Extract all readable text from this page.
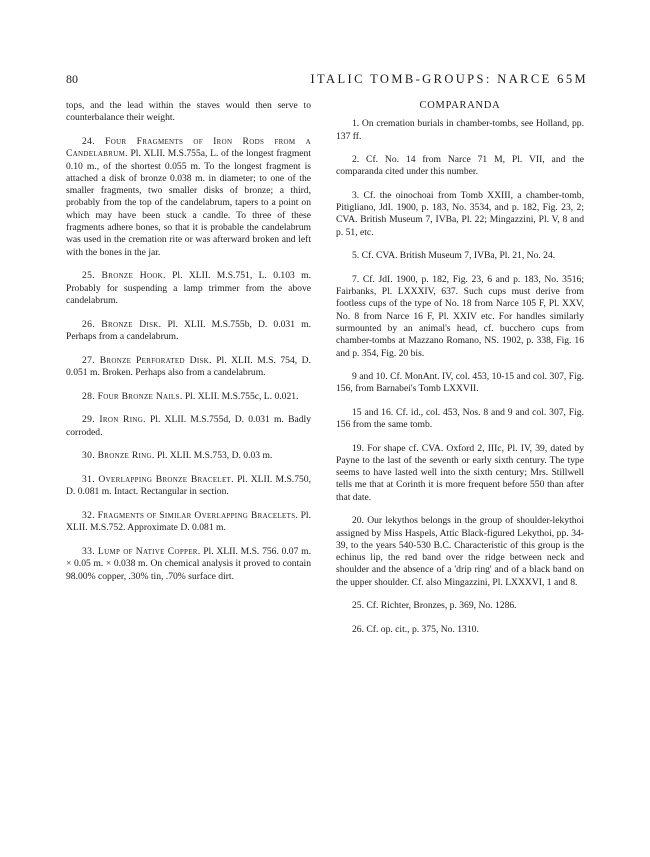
80	ITALIC TOMB-GROUPS: NARCE 65M

tops, and the lead within the staves would then serve to counterbalance their weight.

24. Four Fragments of Iron Rods from a Candelabrum. Pl. XLII. M.S.755a, L. of the longest fragment 0.10 m., of the shortest 0.055 m. To the longest fragment is attached a disk of bronze 0.038 m. in diameter; to one of the smaller fragments, two smaller disks of bronze; a third, probably from the top of the candelabrum, tapers to a point on which may have been stuck a candle. To three of these fragments adhere bones, so that it is probable the candelabrum was used in the cremation rite or was afterward broken and left with the bones in the jar.

25. Bronze Hook. Pl. XLII. M.S.751, L. 0.103 m. Probably for suspending a lamp trimmer from the above candelabrum.

26. Bronze Disk. Pl. XLII. M.S.755b, D. 0.031 m. Perhaps from a candelabrum.

27. Bronze Perforated Disk. Pl. XLII. M.S. 754, D. 0.051 m. Broken. Perhaps also from a candelabrum.

28. Four Bronze Nails. Pl. XLII. M.S.755c, L. 0.021.

29. Iron Ring. Pl. XLII. M.S.755d, D. 0.031 m. Badly corroded.

30. Bronze Ring. Pl. XLII. M.S.753, D. 0.03 m.

31. Overlapping Bronze Bracelet. Pl. XLII. M.S.750, D. 0.081 m. Intact. Rectangular in section.

32. Fragments of Similar Overlapping Bracelets. Pl. XLII. M.S.752. Approximate D. 0.081 m.

33. Lump of Native Copper. Pl. XLII. M.S. 756. 0.07 m. × 0.05 m. × 0.038 m. On chemical analysis it proved to contain 98.00% copper, .30% tin, .70% surface dirt.

COMPARANDA

1. On cremation burials in chamber-tombs, see Holland, pp. 137 ff.

2. Cf. No. 14 from Narce 71 M, Pl. VII, and the comparanda cited under this number.

3. Cf. the oinochoai from Tomb XXIII, a chamber-tomb, Pitigliano, JdI. 1900, p. 183, No. 3534, and p. 182, Fig. 23, 2; CVA. British Museum 7, IVBa, Pl. 22; Mingazzini, Pl. V, 8 and p. 51, etc.

5. Cf. CVA. British Museum 7, IVBa, Pl. 21, No. 24.

7. Cf. JdI. 1900, p. 182, Fig. 23, 6 and p. 183, No. 3516; Fairbanks, Pl. LXXXIV, 637. Such cups must derive from footless cups of the type of No. 18 from Narce 105 F, Pl. XXV, No. 8 from Narce 16 F, Pl. XXIV etc. For handles similarly surmounted by an animal's head, cf. bucchero cups from chamber-tombs at Mazzano Romano, NS. 1902, p. 338, Fig. 16 and p. 354, Fig. 20 bis.

9 and 10. Cf. MonAnt. IV, col. 453, 10-15 and col. 307, Fig. 156, from Barnabei's Tomb LXXVII.

15 and 16. Cf. id., col. 453, Nos. 8 and 9 and col. 307, Fig. 156 from the same tomb.

19. For shape cf. CVA. Oxford 2, IIIc, Pl. IV, 39, dated by Payne to the last of the seventh or early sixth century. The type seems to have lasted well into the sixth century; Mrs. Stillwell tells me that at Corinth it is more frequent before 550 than after that date.

20. Our lekythos belongs in the group of shoulder-lekythoi assigned by Miss Haspels, Attic Black-figured Lekythoi, pp. 34-39, to the years 540-530 B.C. Characteristic of this group is the echinus lip, the red band over the ridge between neck and shoulder and the absence of a 'drip ring' and of a black band on the upper shoulder. Cf. also Mingazzini, Pl. LXXXVI, 1 and 8.

25. Cf. Richter, Bronzes, p. 369, No. 1286.

26. Cf. op. cit., p. 375, No. 1310.
